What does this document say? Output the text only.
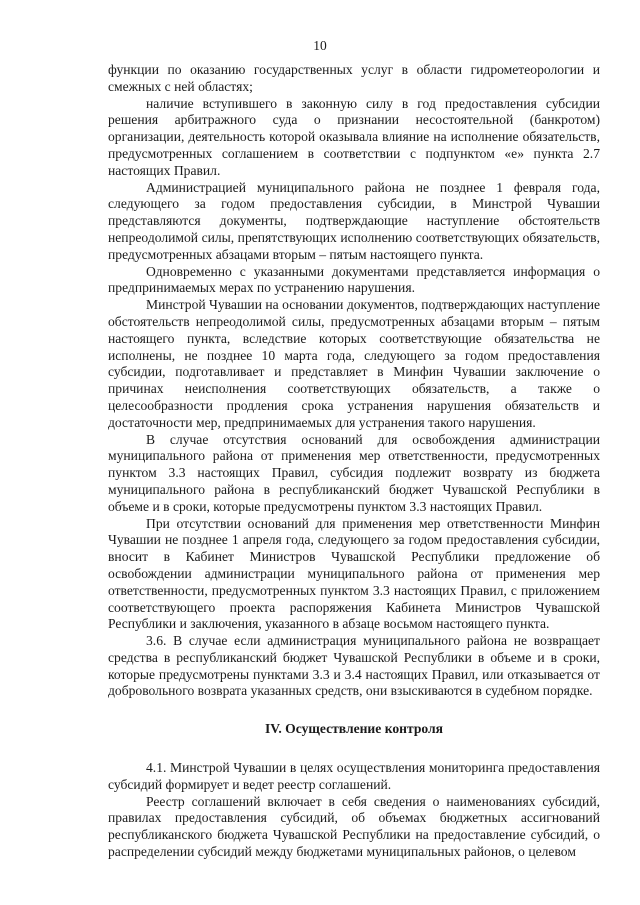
10

функции по оказанию государственных услуг в области гидрометеорологии и смежных с ней областях;

наличие вступившего в законную силу в год предоставления субсидии решения арбитражного суда о признании несостоятельной (банкротом) организации, деятельность которой оказывала влияние на исполнение обязательств, предусмотренных соглашением в соответствии с подпунктом «е» пункта 2.7 настоящих Правил.

Администрацией муниципального района не позднее 1 февраля года, следующего за годом предоставления субсидии, в Минстрой Чувашии представляются документы, подтверждающие наступление обстоятельств непреодолимой силы, препятствующих исполнению соответствующих обязательств, предусмотренных абзацами вторым – пятым настоящего пункта.

Одновременно с указанными документами представляется информация о предпринимаемых мерах по устранению нарушения.

Минстрой Чувашии на основании документов, подтверждающих наступление обстоятельств непреодолимой силы, предусмотренных абзацами вторым – пятым настоящего пункта, вследствие которых соответствующие обязательства не исполнены, не позднее 10 марта года, следующего за годом предоставления субсидии, подготавливает и представляет в Минфин Чувашии заключение о причинах неисполнения соответствующих обязательств, а также о целесообразности продления срока устранения нарушения обязательств и достаточности мер, предпринимаемых для устранения такого нарушения.

В случае отсутствия оснований для освобождения администрации муниципального района от применения мер ответственности, предусмотренных пунктом 3.3 настоящих Правил, субсидия подлежит возврату из бюджета муниципального района в республиканский бюджет Чувашской Республики в объеме и в сроки, которые предусмотрены пунктом 3.3 настоящих Правил.

При отсутствии оснований для применения мер ответственности Минфин Чувашии не позднее 1 апреля года, следующего за годом предоставления субсидии, вносит в Кабинет Министров Чувашской Республики предложение об освобождении администрации муниципального района от применения мер ответственности, предусмотренных пунктом 3.3 настоящих Правил, с приложением соответствующего проекта распоряжения Кабинета Министров Чувашской Республики и заключения, указанного в абзаце восьмом настоящего пункта.

3.6. В случае если администрация муниципального района не возвращает средства в республиканский бюджет Чувашской Республики в объеме и в сроки, которые предусмотрены пунктами 3.3 и 3.4 настоящих Правил, или отказывается от добровольного возврата указанных средств, они взыскиваются в судебном порядке.

IV. Осуществление контроля

4.1. Минстрой Чувашии в целях осуществления мониторинга предоставления субсидий формирует и ведет реестр соглашений.

Реестр соглашений включает в себя сведения о наименованиях субсидий, правилах предоставления субсидий, об объемах бюджетных ассигнований республиканского бюджета Чувашской Республики на предоставление субсидий, о распределении субсидий между бюджетами муниципальных районов, о целевом
